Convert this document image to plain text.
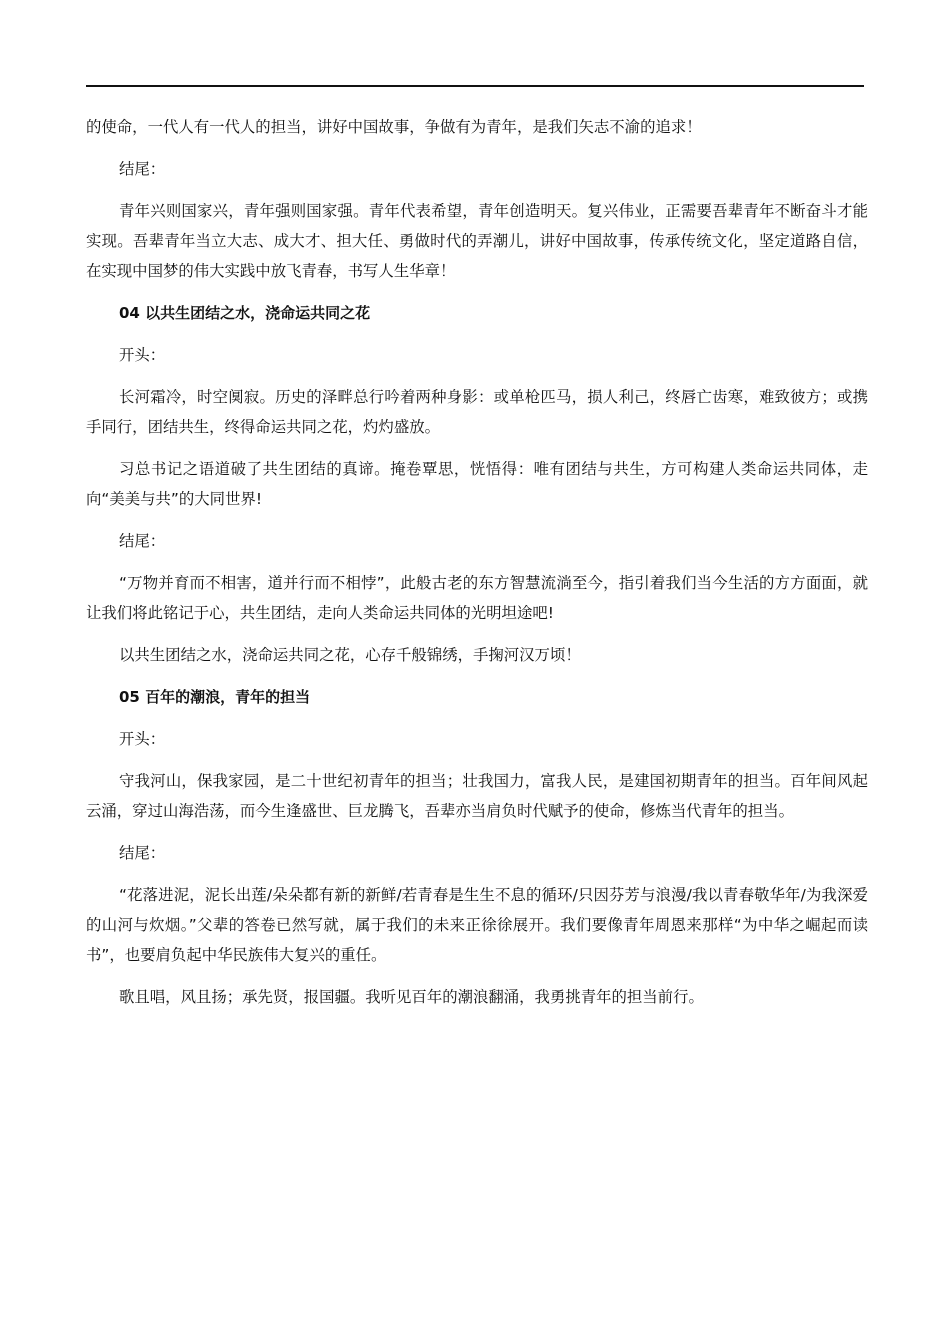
的使命，一代人有一代人的担当，讲好中国故事，争做有为青年，是我们矢志不渝的追求！

结尾：

青年兴则国家兴，青年强则国家强。青年代表希望，青年创造明天。复兴伟业，正需要吾辈青年不断奋斗才能实现。吾辈青年当立大志、成大才、担大任、勇做时代的弄潮儿，讲好中国故事，传承传统文化，坚定道路自信，在实现中国梦的伟大实践中放飞青春，书写人生华章！

04 以共生团结之水，浇命运共同之花

开头：

长河霜冷，时空阒寂。历史的泽畔总行吟着两种身影：或单枪匹马，损人利己，终唇亡齿寒，难致彼方；或携手同行，团结共生，终得命运共同之花，灼灼盛放。

习总书记之语道破了共生团结的真谛。掩卷覃思，恍悟得：唯有团结与共生，方可构建人类命运共同体，走向“美美与共”的大同世界!

结尾：

“万物并育而不相害，道并行而不相悖”，此般古老的东方智慧流淌至今，指引着我们当今生活的方方面面，就让我们将此铭记于心，共生团结，走向人类命运共同体的光明坦途吧!

以共生团结之水，浇命运共同之花，心存千般锦绣，手掬河汉万顷！

05 百年的潮浪，青年的担当

开头：

守我河山，保我家园，是二十世纪初青年的担当；壮我国力，富我人民，是建国初期青年的担当。百年间风起云涌，穿过山海浩荡，而今生逢盛世、巨龙腾飞，吾辈亦当肩负时代赋予的使命，修炼当代青年的担当。

结尾：

“花落进泥，泥长出莲/朵朵都有新的新鲜/若青春是生生不息的循环/只因芬芳与浪漫/我以青春敬华年/为我深爱的山河与炊烟。”父辈的答卷已然写就，属于我们的未来正徐徐展开。我们要像青年周恩来那样“为中华之崛起而读书”，也要肩负起中华民族伟大复兴的重任。

歌且唱，风且扬；承先贤，报国疆。我听见百年的潮浪翻涌，我勇挑青年的担当前行。
